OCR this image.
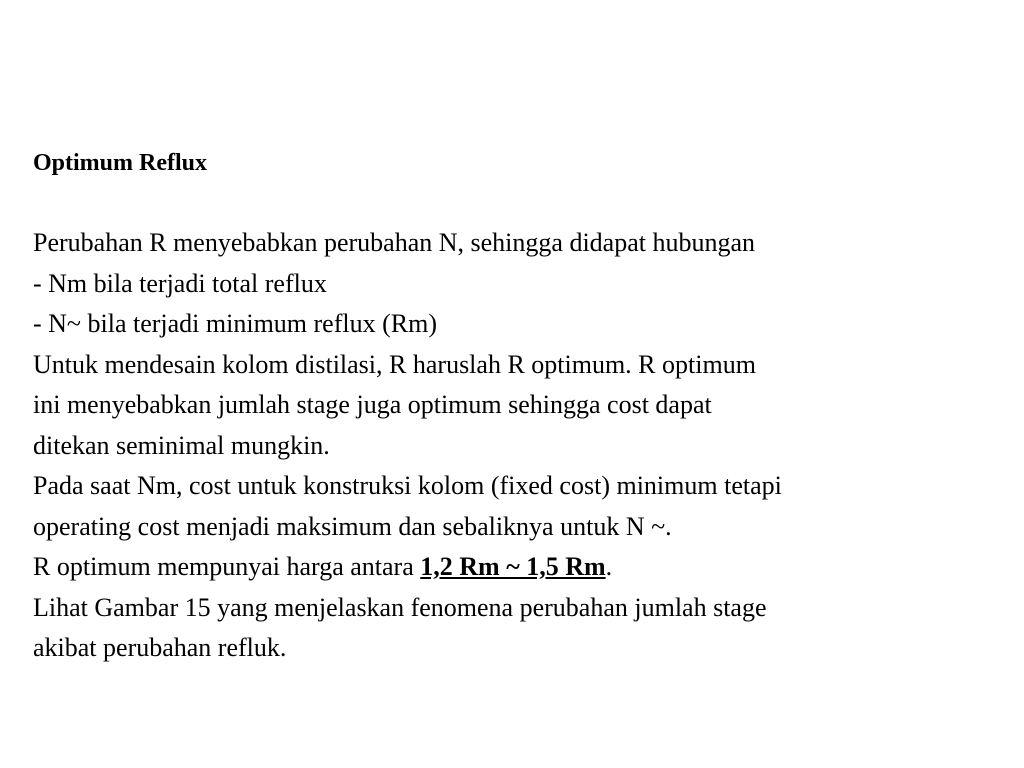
Optimum Reflux
Perubahan R menyebabkan perubahan N, sehingga didapat hubungan
- Nm bila terjadi total reflux
- N~ bila terjadi minimum reflux (Rm)
Untuk mendesain kolom distilasi, R haruslah R optimum. R optimum
ini menyebabkan jumlah stage juga optimum sehingga cost dapat
ditekan seminimal mungkin.
Pada saat Nm, cost untuk konstruksi kolom (fixed cost) minimum tetapi
operating cost menjadi maksimum dan sebaliknya untuk N ~.
R optimum mempunyai harga antara 1,2 Rm ~ 1,5 Rm.
Lihat Gambar 15 yang menjelaskan fenomena perubahan jumlah stage
akibat perubahan refluk.
